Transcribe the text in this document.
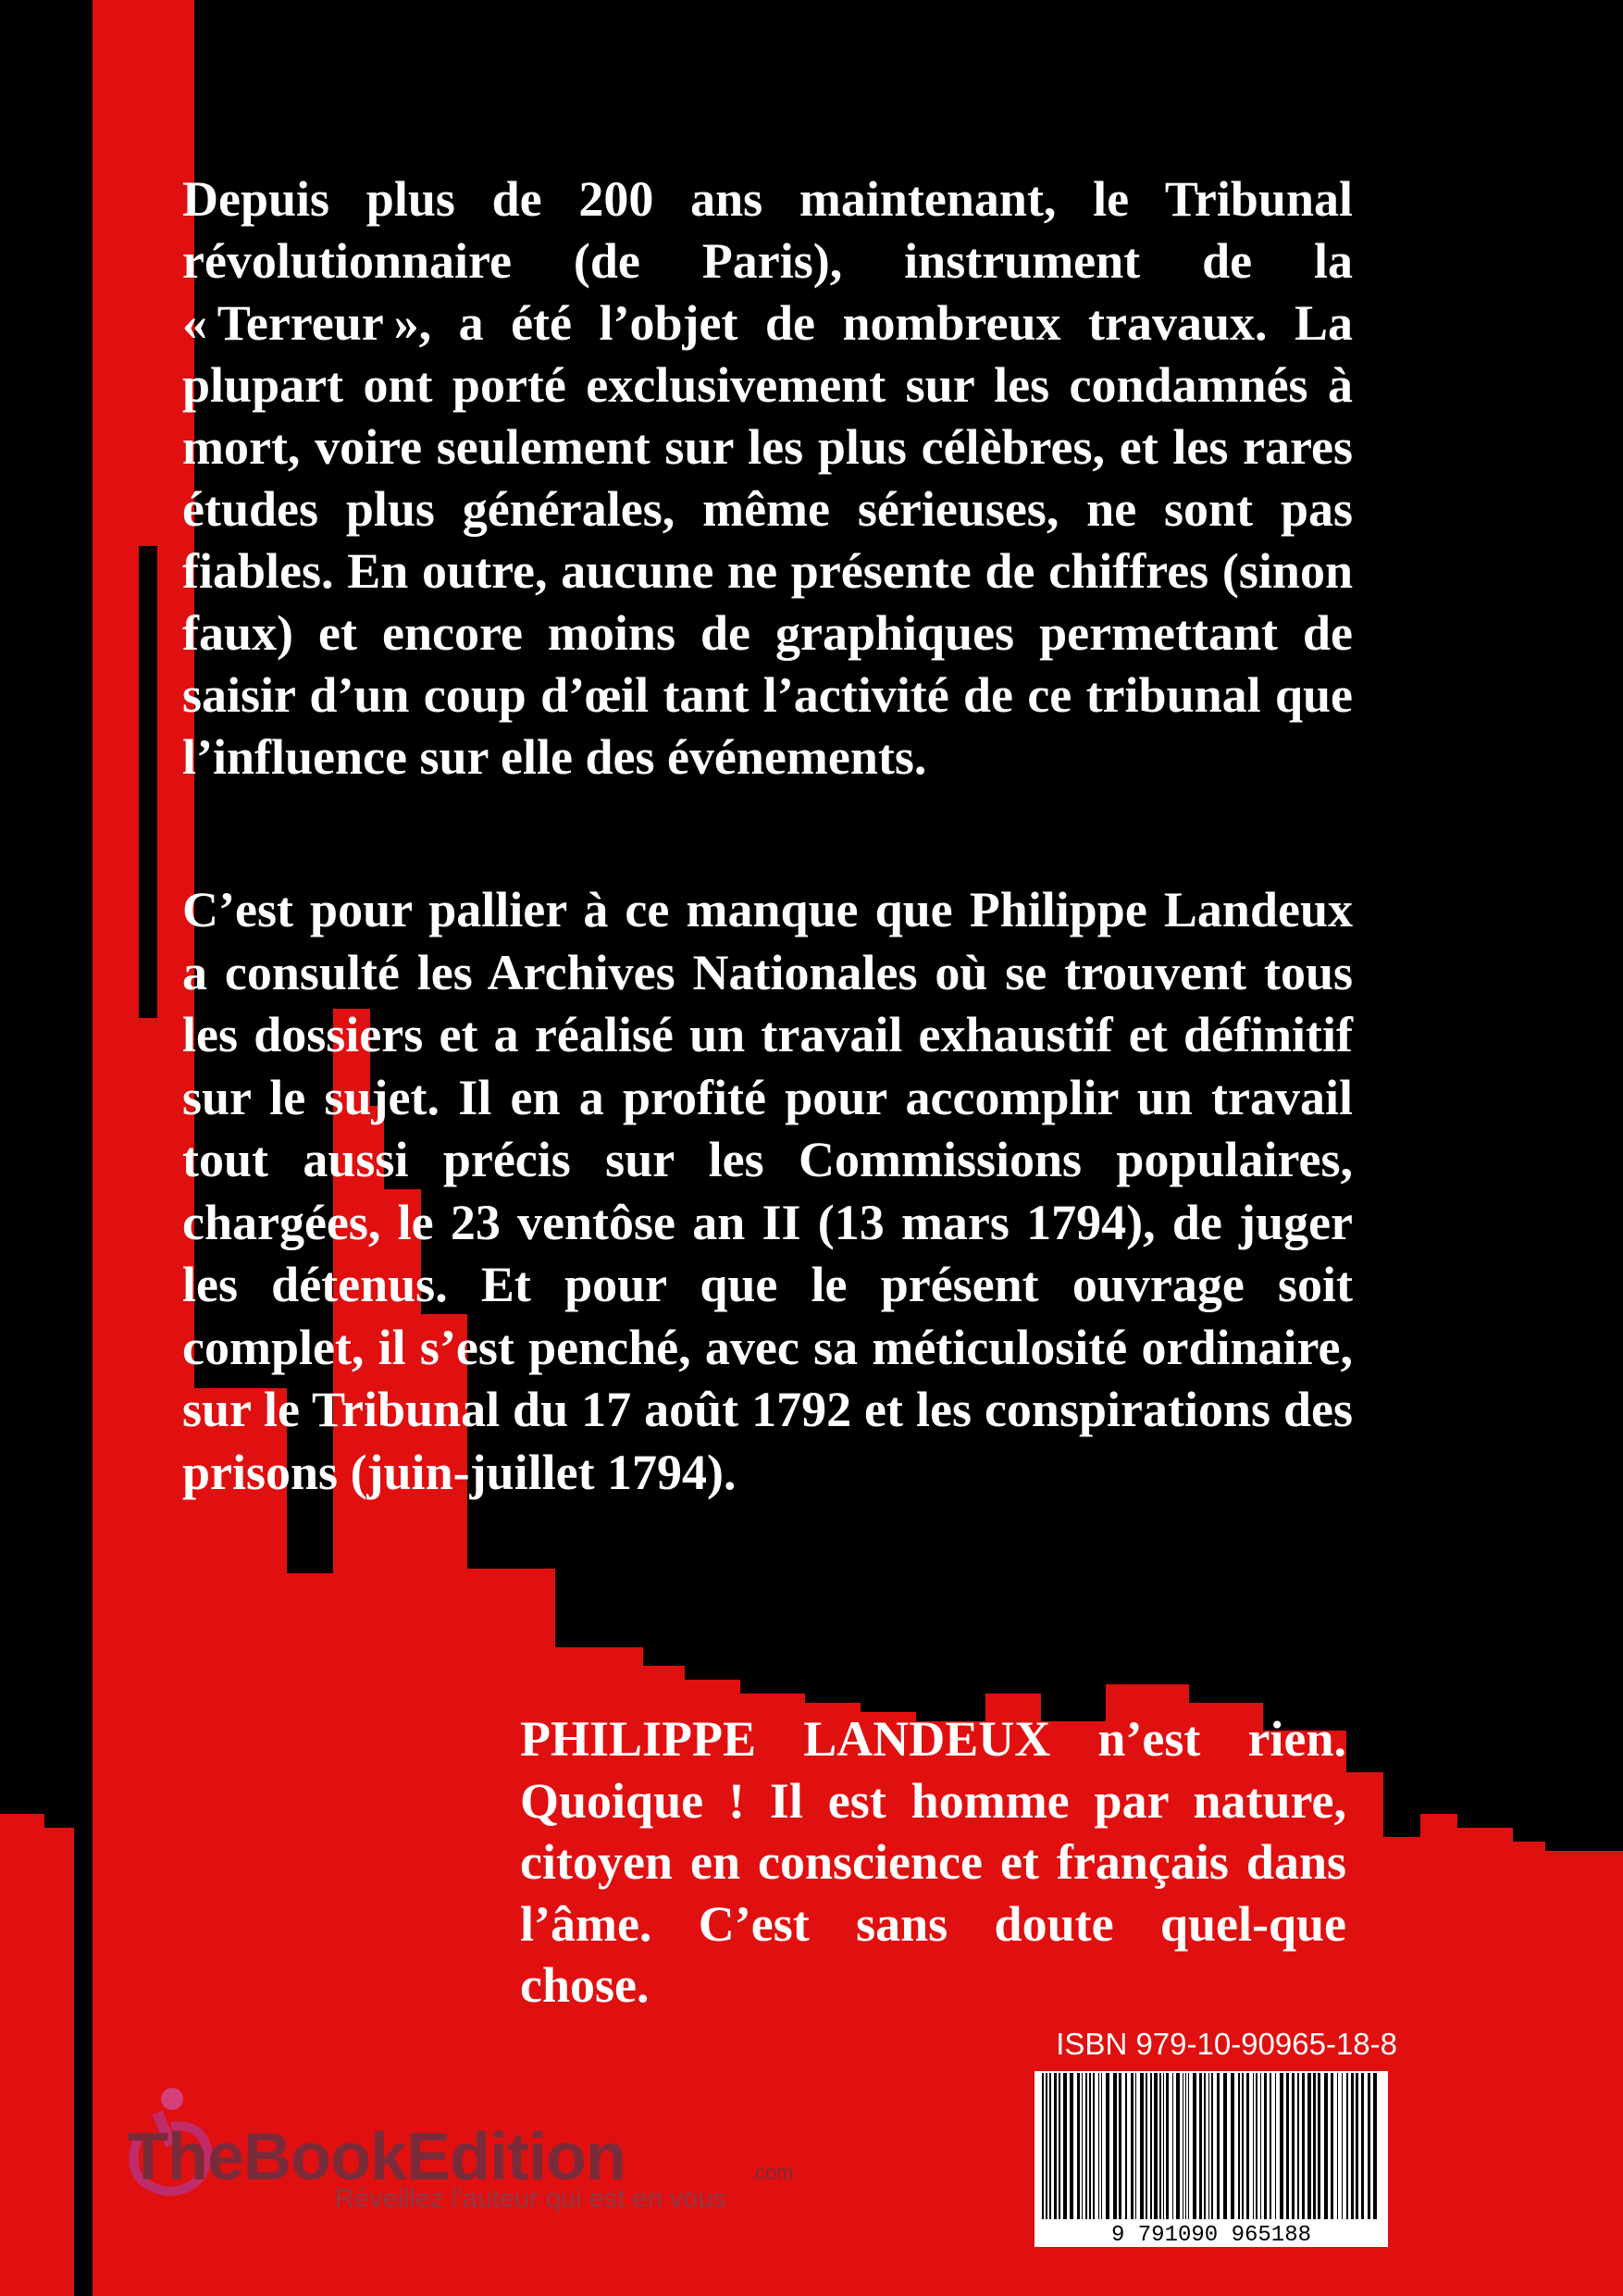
Depuis plus de 200 ans maintenant, le Tribunal révolutionnaire (de Paris), instrument de la « Terreur », a été l’objet de nombreux travaux. La plupart ont porté exclusivement sur les condamnés à mort, voire seulement sur les plus célèbres, et les rares études plus générales, même sérieuses, ne sont pas fiables. En outre, aucune ne présente de chiffres (sinon faux) et encore moins de graphiques permettant de saisir d’un coup d’œil tant l’activité de ce tribunal que l’influence sur elle des événements.

C’est pour pallier à ce manque que Philippe Landeux a consulté les Archives Nationales où se trouvent tous les dossiers et a réalisé un travail exhaustif et définitif sur le sujet. Il en a profité pour accomplir un travail tout aussi précis sur les Commissions populaires, chargées, le 23 ventôse an II (13 mars 1794), de juger les détenus. Et pour que le présent ouvrage soit complet, il s’est penché, avec sa méticulosité ordinaire, sur le Tribunal du 17 août 1792 et les conspirations des prisons (juin-juillet 1794).

PHILIPPE LANDEUX n’est rien. Quoique ! Il est homme par nature, citoyen en conscience et français dans l’âme. C’est sans doute quel-que chose.

ISBN 979-10-90965-18-8
9 791090 965188
TheBookEdition	.com
Réveillez l'auteur qui est en vous
